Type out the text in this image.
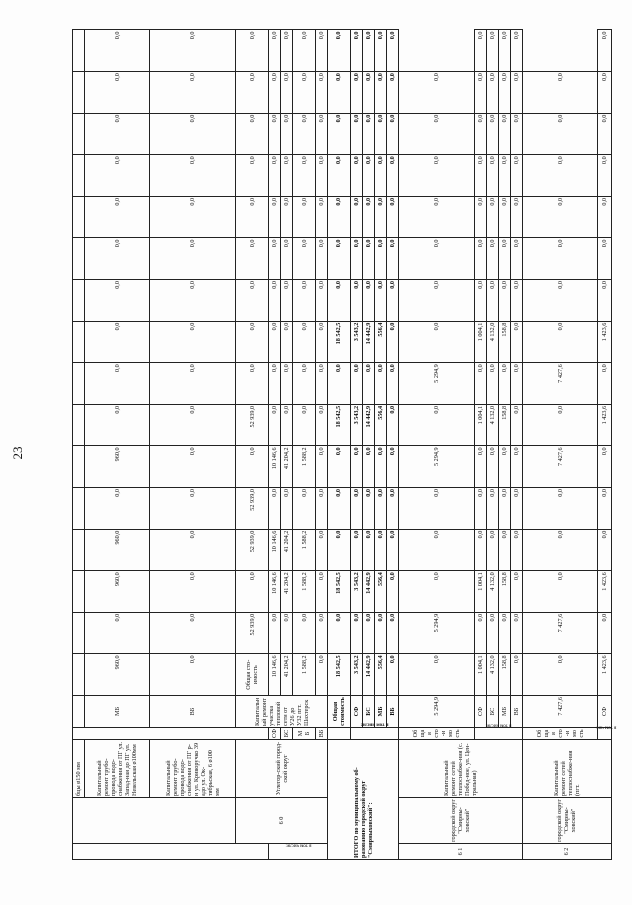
23
		бцы ø150 мм																			
		Капитальный ремонт трубо-провода водо-снабжения от ПГ ул. Запад-ная до ПГ ул. Невельская ø100мм		МБ	960,0	0,0	960,0	960,0	0,0	960,0	0,0	0,0	0,0	0,0	0,0	0,0	0,0	0,0	0,0	0,0	
		Капитальный ремонт трубо-провода водо-снабжения от ПГ р-н ул. Криворучко 39 адо ул. Ок-тябрьская, 6 ø100 мм		ВБ	0,0	0,0	0,0	0,0	0,0	0,0	0,0	0,0	0,0	0,0	0,0	0,0	0,0	0,0	0,0	0,0	
	6 0	Углегор-ский город-ской округ		Капитальный ремонт участка тепловой сети от У26 до У32 пгт. Шахтерск	Общая сто-имость	52 939,0	0,0	52 939,0	52 939,0	0,0	52 939,0	0,0	0,0	0,0	0,0	0,0	0,0	0,0	0,0	0,0	
в том числе:			СФ		10 146,6	0,0	10 146,6	10 146,6	0,0	10 146,6	0,0	0,0	0,0	0,0	0,0	0,0	0,0	0,0	0,0	0,0	
			БС		41 204,2	0,0	41 204,2	41 204,2	0,0	41 204,2	0,0	0,0	0,0	0,0	0,0	0,0	0,0	0,0	0,0	0,0	
			МБ		1 588,2	0,0	1 588,2	1 588,2	0,0	1 588,2	0,0	0,0	0,0	0,0	0,0	0,0	0,0	0,0	0,0	0,0	
			ВБ		0,0	0,0	0,0	0,0	0,0	0,0	0,0	0,0	0,0	0,0	0,0	0,0	0,0	0,0	0,0	0,0	
ИТОГО по муниципальному об-разованию городской округ "Смирныховский":				Общая стоимость	18 542,5	0,0	18 542,5	0,0	0,0	0,0	18 542,5	0,0	18 542,5	0,0	0,0	0,0	0,0	0,0	0,0	0,0	
			в том числе:	СФ	3 543,2	0,0	3 543,2	0,0	0,0	0,0	3 543,2	0,0	3 543,2	0,0	0,0	0,0	0,0	0,0	0,0	0,0	
				БС	14 442,9	0,0	14 442,9	0,0	0,0	0,0	14 442,9	0,0	14 442,9	0,0	0,0	0,0	0,0	0,0	0,0	0,0	
				МБ	556,4	0,0	556,4	0,0	0,0	0,0	556,4	0,0	556,4	0,0	0,0	0,0	0,0	0,0	0,0	0,0	
				ВБ	0,0	0,0	0,0	0,0	0,0	0,0	0,0	0,0	0,0	0,0	0,0	0,0	0,0	0,0	0,0	0,0	
6 1	городской округ "Смирны-ховский"	Капитальный ремонт сетей теплоснабже-ния (с. Побед-ное, ул. Цен-тральная)	Общая сто-имость	5 294,9	0,0	5 294,9	0,0	0,0	0,0	5 294,9	0,0	5 294,9	0,0	0,0	0,0	0,0	0,0	0,0	0,0		
			в том числе:	СФ	1 004,1	0,0	1 004,1	0,0	0,0	0,0	1 004,1	0,0	1 004,1	0,0	0,0	0,0	0,0	0,0	0,0	0,0	
				БС	4 132,0	0,0	4 132,0	0,0	0,0	0,0	4 132,0	0,0	4 132,0	0,0	0,0	0,0	0,0	0,0	0,0	0,0	
				МБ	158,8	0,0	158,8	0,0	0,0	0,0	158,8	0,0	158,8	0,0	0,0	0,0	0,0	0,0	0,0	0,0	
				ВБ	0,0	0,0	0,0	0,0	0,0	0,0	0,0	0,0	0,0	0,0	0,0	0,0	0,0	0,0	0,0	0,0	
6 2	городской округ "Смирны-ховский"	Капитальный ремонт сетей теплоснабже-ния (пгт.	Общая сто-имость	7 427,6	0,0	7 427,6	0,0	0,0	0,0	7 427,6	0,0	7 427,6	0,0	0,0	0,0	0,0	0,0	0,0	0,0		
			в том чис-	СФ	1 423,6	0,0	1 423,6	0,0	0,0	0,0	1 423,6	0,0	1 423,6	0,0	0,0	0,0	0,0	0,0	0,0	0,0	
